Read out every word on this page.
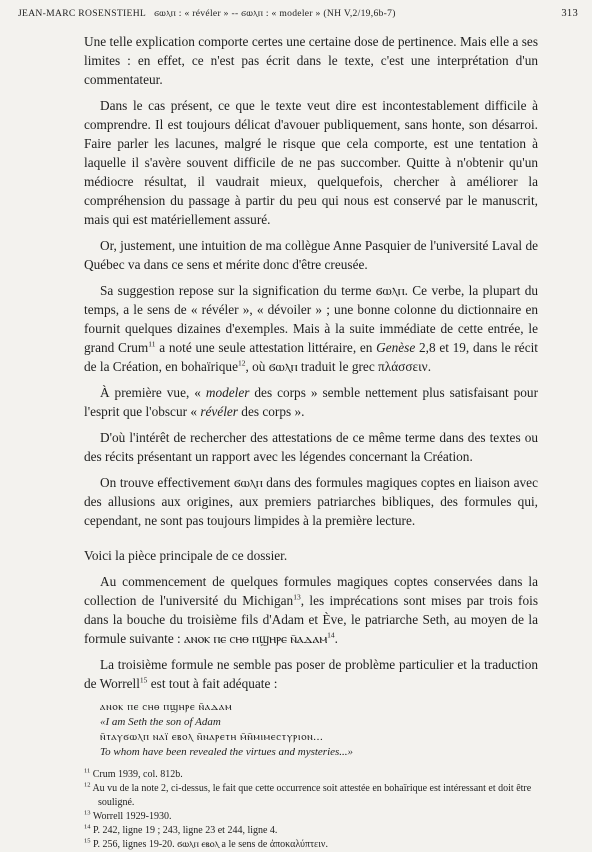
JEAN-MARC ROSENSTIEHL ϭⲱⲗⲡ : « révéler » -- ϭⲱⲗⲡ : « modeler » (NH V,2/19,6b-7)	313

Une telle explication comporte certes une certaine dose de pertinence. Mais elle a ses limites : en effet, ce n'est pas écrit dans le texte, c'est une interprétation d'un commentateur.

Dans le cas présent, ce que le texte veut dire est incontestablement difficile à comprendre. Il est toujours délicat d'avouer publiquement, sans honte, son désarroi. Faire parler les lacunes, malgré le risque que cela comporte, est une tentation à laquelle il s'avère souvent difficile de ne pas succomber. Quitte à n'obtenir qu'un médiocre résultat, il vaudrait mieux, quelquefois, chercher à améliorer la compréhension du passage à partir du peu qui nous est conservé par le manuscrit, mais qui est matériellement assuré.

Or, justement, une intuition de ma collègue Anne Pasquier de l'université Laval de Québec va dans ce sens et mérite donc d'être creusée.

Sa suggestion repose sur la signification du terme ϭⲱⲗⲡ. Ce verbe, la plupart du temps, a le sens de « révéler », « dévoiler » ; une bonne colonne du dictionnaire en fournit quelques dizaines d'exemples. Mais à la suite immédiate de cette entrée, le grand Crum$^{11}$ a noté une seule attestation littéraire, en Genèse 2,8 et 19, dans le récit de la Création, en bohaïrique$^{12}$, où ϭⲱⲗⲡ traduit le grec πλάσσειν.

À première vue, « modeler des corps » semble nettement plus satisfaisant pour l'esprit que l'obscur « révéler des corps ».

D'où l'intérêt de rechercher des attestations de ce même terme dans des textes ou des récits présentant un rapport avec les légendes concernant la Création.

On trouve effectivement ϭⲱⲗⲡ dans des formules magiques coptes en liaison avec des allusions aux origines, aux premiers patriarches bibliques, des formules qui, cependant, ne sont pas toujours limpides à la première lecture.

Voici la pièce principale de ce dossier.

Au commencement de quelques formules magiques coptes conservées dans la collection de l'université du Michigan$^{13}$, les imprécations sont mises par trois fois dans la bouche du troisième fils d'Adam et Ève, le patriarche Seth, au moyen de la formule suivante : ⲁⲛⲟⲕ ⲡⲉ ⲥⲏⲑ ⲡϣⲏⲣⲉ ⲛ̄ⲁⲇⲁⲙ$^{14}$.

La troisième formule ne semble pas poser de problème particulier et la traduction de Worrell$^{15}$ est tout à fait adéquate :

ⲁⲛⲟⲕ ⲡⲉ ⲥⲏⲑ ⲡϣⲏⲣⲉ ⲛ̄ⲁⲇⲁⲙ
«I am Seth the son of Adam
ⲛ̄ⲧⲁⲩϭⲱⲗⲡ ⲛⲁⲓ̈ ⲉⲃⲟⲗ ⲛ̄ⲛⲁⲣⲉⲧⲏ ⲙ̄ⲛ̄ⲙⲓⲙⲉⲥⲧⲩⲣⲓⲟⲛ...
To whom have been revealed the virtues and mysteries...»

$^{11}$ Crum 1939, col. 812b.

$^{12}$ Au vu de la note 2, ci-dessus, le fait que cette occurrence soit attestée en bohaïrique est intéressant et doit être souligné.

$^{13}$ Worrell 1929-1930.

$^{14}$ P. 242, ligne 19 ; 243, ligne 23 et 244, ligne 4.

$^{15}$ P. 256, lignes 19-20. ϭⲱⲗⲡ ⲉⲃⲟⲗ a le sens de ἀποκαλύπτειν.
